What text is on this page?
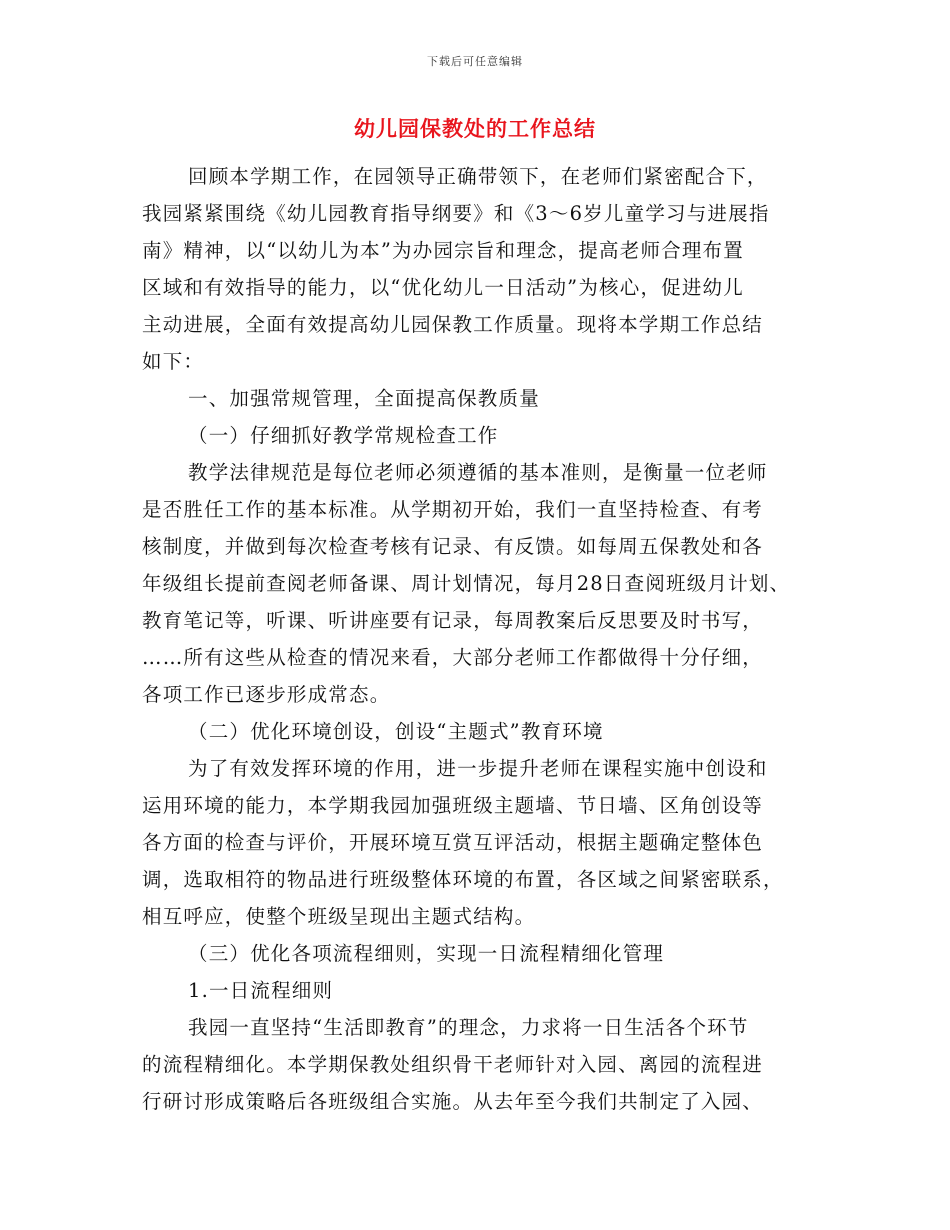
下载后可任意编辑
幼儿园保教处的工作总结
回顾本学期工作，在园领导正确带领下，在老师们紧密配合下，
我园紧紧围绕《幼儿园教育指导纲要》和《3～6岁儿童学习与进展指
南》精神，以“以幼儿为本”为办园宗旨和理念，提高老师合理布置
区域和有效指导的能力，以“优化幼儿一日活动”为核心，促进幼儿
主动进展，全面有效提高幼儿园保教工作质量。现将本学期工作总结
如下：
一、加强常规管理，全面提高保教质量
（一）仔细抓好教学常规检查工作
教学法律规范是每位老师必须遵循的基本准则，是衡量一位老师
是否胜任工作的基本标准。从学期初开始，我们一直坚持检查、有考
核制度，并做到每次检查考核有记录、有反馈。如每周五保教处和各
年级组长提前查阅老师备课、周计划情况，每月28日查阅班级月计划、
教育笔记等，听课、听讲座要有记录，每周教案后反思要及时书写，
……所有这些从检查的情况来看，大部分老师工作都做得十分仔细，
各项工作已逐步形成常态。
（二）优化环境创设，创设“主题式”教育环境
为了有效发挥环境的作用，进一步提升老师在课程实施中创设和
运用环境的能力，本学期我园加强班级主题墙、节日墙、区角创设等
各方面的检查与评价，开展环境互赏互评活动，根据主题确定整体色
调，选取相符的物品进行班级整体环境的布置，各区域之间紧密联系，
相互呼应，使整个班级呈现出主题式结构。
（三）优化各项流程细则，实现一日流程精细化管理
1.一日流程细则
我园一直坚持“生活即教育”的理念，力求将一日生活各个环节
的流程精细化。本学期保教处组织骨干老师针对入园、离园的流程进
行研讨形成策略后各班级组合实施。从去年至今我们共制定了入园、
